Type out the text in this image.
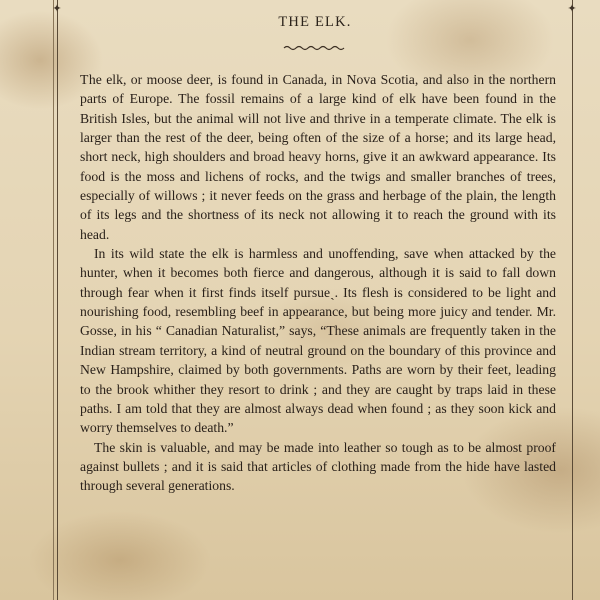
✦	✦
THE ELK.

The elk, or moose deer, is found in Canada, in Nova Scotia, and also in the northern parts of Europe. The fossil remains of a large kind of elk have been found in the British Isles, but the animal will not live and thrive in a temperate climate. The elk is larger than the rest of the deer, being often of the size of a horse; and its large head, short neck, high shoulders and broad heavy horns, give it an awkward appearance. Its food is the moss and lichens of rocks, and the twigs and smaller branches of trees, especially of willows ; it never feeds on the grass and herbage of the plain, the length of its legs and the shortness of its neck not allowing it to reach the ground with its head.

In its wild state the elk is harmless and unoffending, save when attacked by the hunter, when it becomes both fierce and dangerous, although it is said to fall down through fear when it first finds itself pursueˎ. Its flesh is considered to be light and nourishing food, resembling beef in appearance, but being more juicy and tender. Mr. Gosse, in his “ Canadian Naturalist,” says, “These animals are frequently taken in the Indian stream territory, a kind of neutral ground on the boundary of this province and New Hampshire, claimed by both governments. Paths are worn by their feet, leading to the brook whither they resort to drink ; and they are caught by traps laid in these paths. I am told that they are almost always dead when found ; as they soon kick and worry themselves to death.”

The skin is valuable, and may be made into leather so tough as to be almost proof against bullets ; and it is said that articles of clothing made from the hide have lasted through several generations.
